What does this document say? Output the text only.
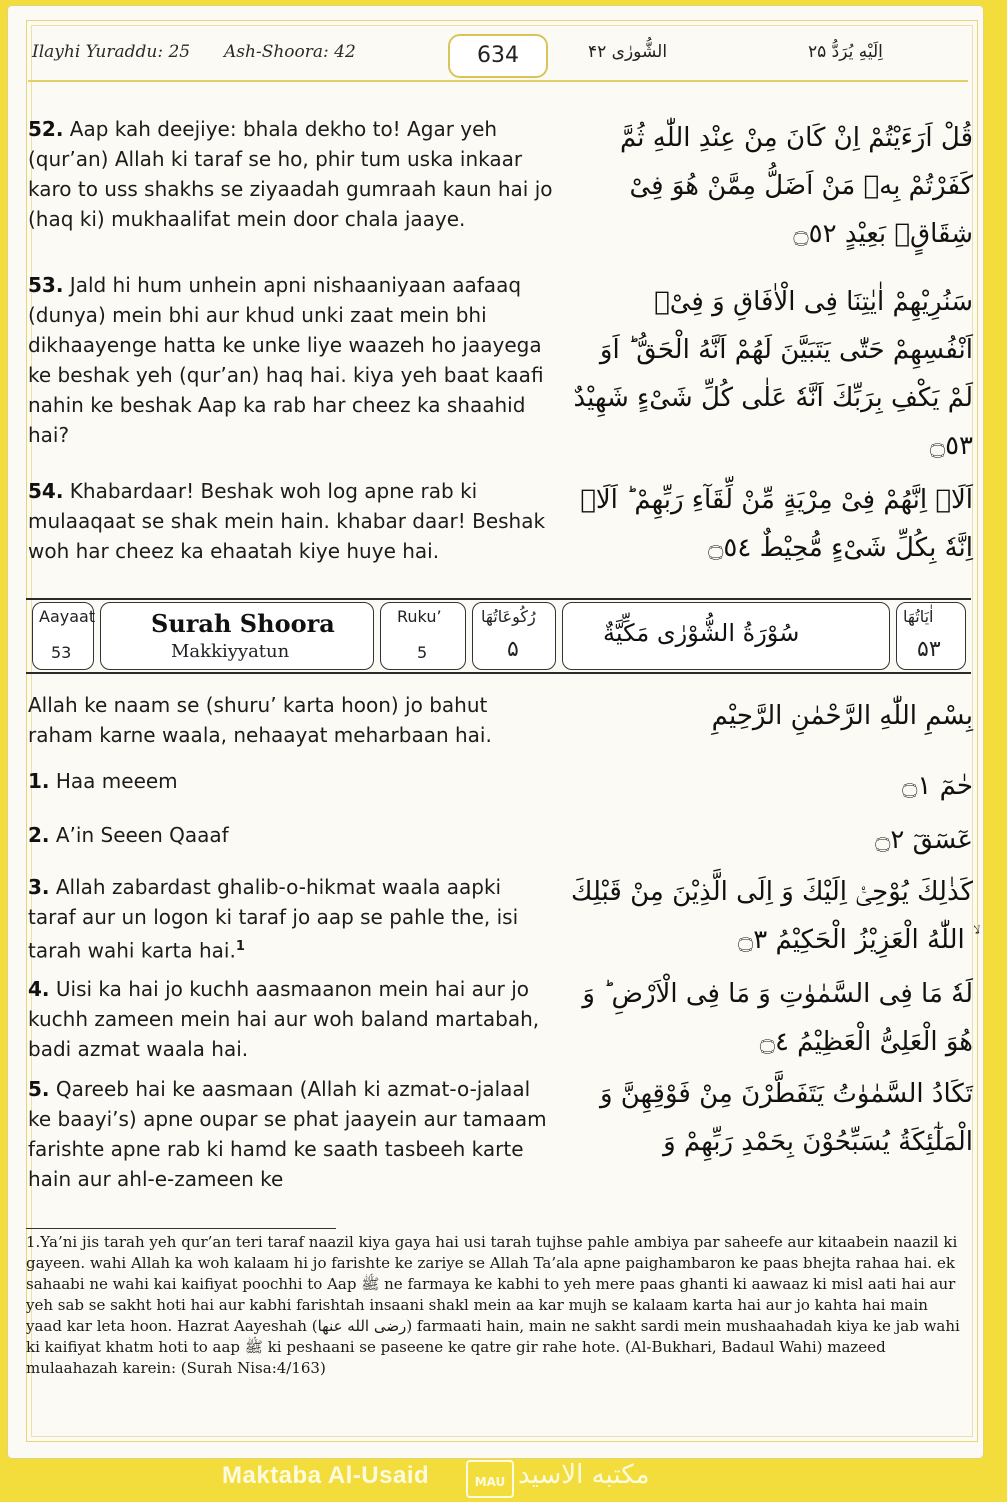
Ilayhi Yuraddu: 25 Ash-Shoora: 42	634	الشُّورٰى ۴۲	اِلَیْهِ یُرَدُّ ۲۵
52. Aap kah deejiye: bhala dekho to! Agar yeh (qur’an) Allah ki taraf se ho, phir tum uska inkaar karo to uss shakhs se ziyaadah gumraah kaun hai jo (haq ki) mukhaalifat mein door chala jaaye.
قُلْ اَرَءَيْتُمْ اِنْ كَانَ مِنْ عِنْدِ اللّٰهِ ثُمَّ كَفَرْتُمْ بِهٖ مَنْ اَضَلُّ مِمَّنْ هُوَ فِیْ شِقَاقٍۭ بَعِیْدٍ ۝٥٢
53. Jald hi hum unhein apni nishaaniyaan aafaaq (dunya) mein bhi aur khud unki zaat mein bhi dikhaayenge hatta ke unke liye waazeh ho jaayega ke beshak yeh (qur’an) haq hai. kiya yeh baat kaafi nahin ke beshak Aap ka rab har cheez ka shaahid hai?
سَنُرِیْهِمْ اٰیٰتِنَا فِی الْاٰفَاقِ وَ فِیْۤ اَنْفُسِهِمْ حَتّٰی یَتَبَیَّنَ لَهُمْ اَنَّهُ الْحَقُّ ؕ اَوَ لَمْ یَكْفِ بِرَبِّكَ اَنَّهٗ عَلٰی كُلِّ شَیْءٍ شَهِیْدٌ ۝٥٣
54. Khabardaar! Beshak woh log apne rab ki mulaaqaat se shak mein hain. khabar daar! Beshak woh har cheez ka ehaatah kiye huye hai.
اَلَاۤ اِنَّهُمْ فِیْ مِرْیَةٍ مِّنْ لِّقَآءِ رَبِّهِمْ ؕ اَلَاۤ اِنَّهٗ بِكُلِّ شَیْءٍ مُّحِیْطٌ ۝٥٤
Aayaat
53
Surah Shoora
Makkiyyatun
Ruku’
5
رُكُوعَاتُهَا
۵
سُوْرَةُ الشُّوْرٰى مَكِّيَّةٌ
اٰيَاتُهَا
۵۳
Allah ke naam se (shuru’ karta hoon) jo bahut raham karne waala, nehaayat meharbaan hai.
بِسْمِ اللّٰهِ الرَّحْمٰنِ الرَّحِیْمِ
1. Haa meeem	حٰمٓ ۝١
2. A’in Seeen Qaaaf	عٓسٓقٓ ۝٢
3. Allah zabardast ghalib-o-hikmat waala aapki taraf aur un logon ki taraf jo aap se pahle the, isi tarah wahi karta hai.$^1$
كَذٰلِكَ یُوْحِیْۤ اِلَیْكَ وَ اِلَی الَّذِیْنَ مِنْ قَبْلِكَ ۙ اللّٰهُ الْعَزِیْزُ الْحَكِیْمُ ۝٣
4. Uisi ka hai jo kuchh aasmaanon mein hai aur jo kuchh zameen mein hai aur woh baland martabah, badi azmat waala hai.
لَهٗ مَا فِی السَّمٰوٰتِ وَ مَا فِی الْاَرْضِ ؕ وَ هُوَ الْعَلِیُّ الْعَظِیْمُ ۝٤
5. Qareeb hai ke aasmaan (Allah ki azmat-o-jalaal ke baayi’s) apne oupar se phat jaayein aur tamaam farishte apne rab ki hamd ke saath tasbeeh karte hain aur ahl-e-zameen ke
تَكَادُ السَّمٰوٰتُ یَتَفَطَّرْنَ مِنْ فَوْقِهِنَّ وَ الْمَلٰٓئِكَةُ یُسَبِّحُوْنَ بِحَمْدِ رَبِّهِمْ وَ
1.Ya’ni jis tarah yeh qur’an teri taraf naazil kiya gaya hai usi tarah tujhse pahle ambiya par saheefe aur kitaabein naazil ki gayeen. wahi Allah ka woh kalaam hi jo farishte ke zariye se Allah Ta’ala apne paighambaron ke paas bhejta rahaa hai. ek sahaabi ne wahi kai kaifiyat poochhi to Aap ﷺ ne farmaya ke kabhi to yeh mere paas ghanti ki aawaaz ki misl aati hai aur yeh sab se sakht hoti hai aur kabhi farishtah insaani shakl mein aa kar mujh se kalaam karta hai aur jo kahta hai main yaad kar leta hoon. Hazrat Aayeshah (رضی الله عنها) farmaati hain, main ne sakht sardi mein mushaahadah kiya ke jab wahi ki kaifiyat khatm hoti to aap ﷺ ki peshaani se paseene ke qatre gir rahe hote. (Al-Bukhari, Badaul Wahi) mazeed mulaahazah karein: (Surah Nisa:4/163)
Maktaba Al-Usaid	MAU مكتبه الاسيد
